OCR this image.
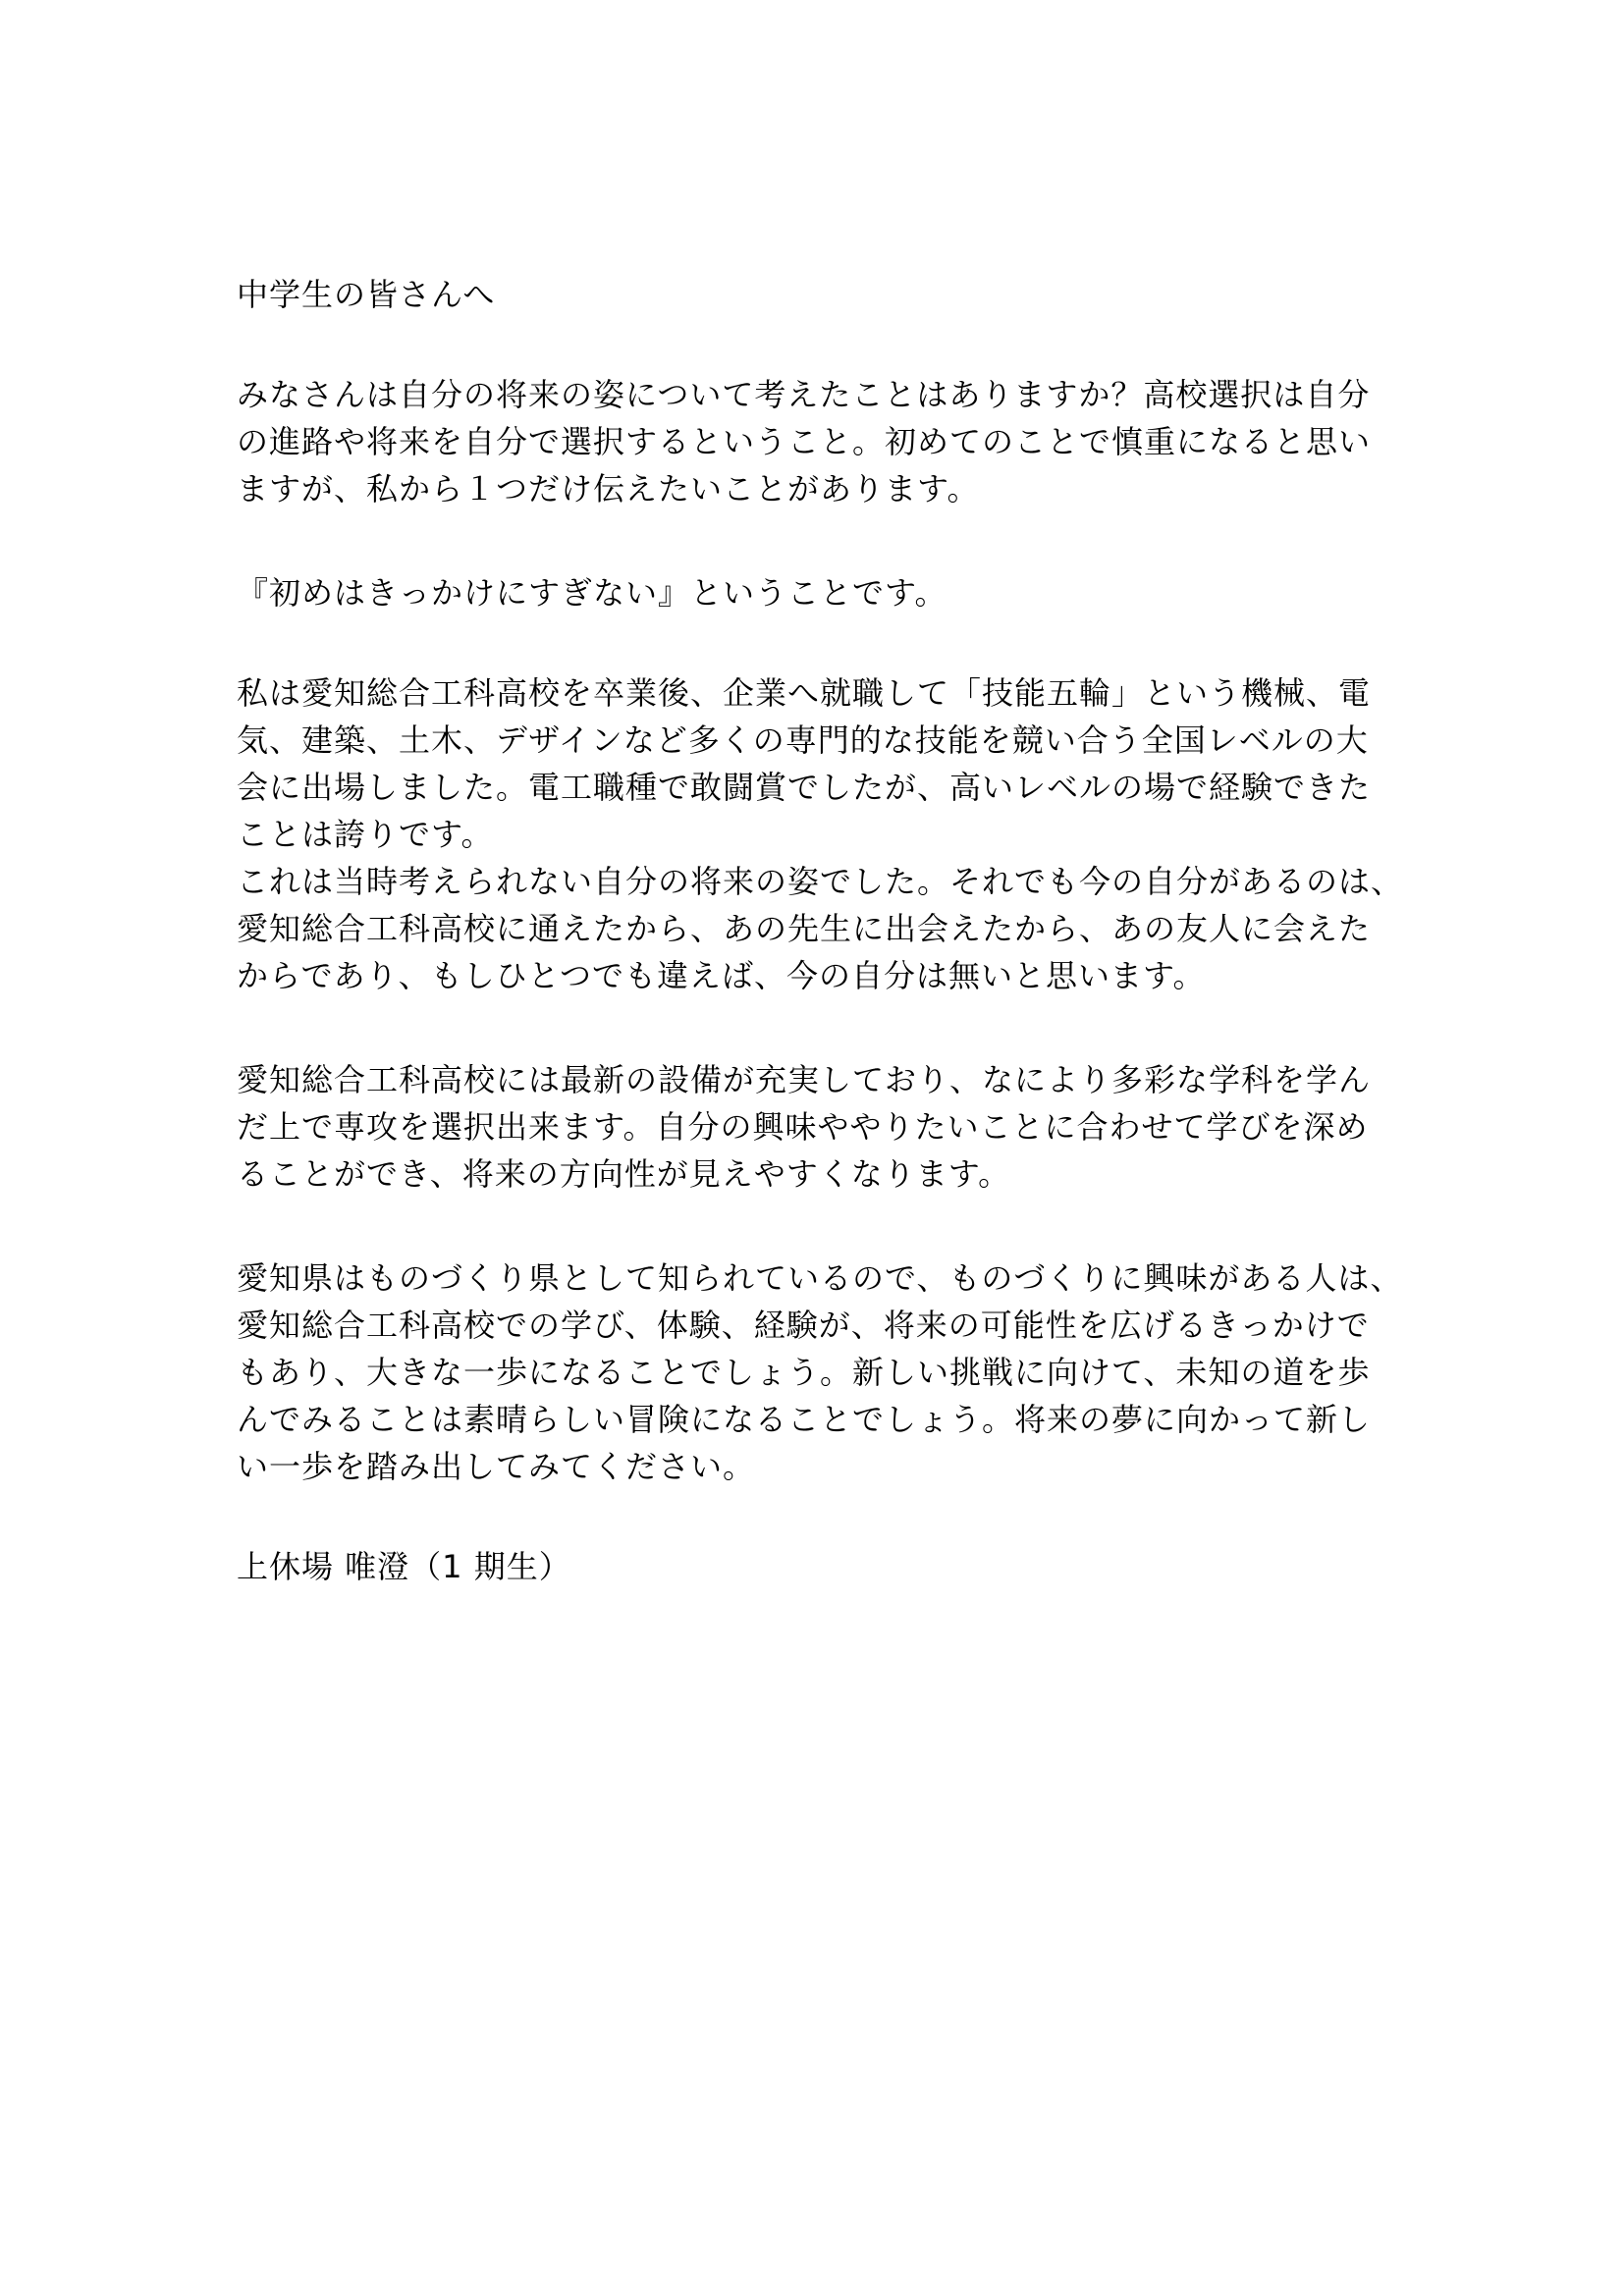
中学生の皆さんへ
みなさんは自分の将来の姿について考えたことはありますか？高校選択は自分
の進路や将来を自分で選択するということ。初めてのことで慎重になると思い
ますが、私から１つだけ伝えたいことがあります。
『初めはきっかけにすぎない』ということです。
私は愛知総合工科高校を卒業後、企業へ就職して「技能五輪」という機械、電
気、建築、土木、デザインなど多くの専門的な技能を競い合う全国レベルの大
会に出場しました。電工職種で敢闘賞でしたが、高いレベルの場で経験できた
ことは誇りです。
これは当時考えられない自分の将来の姿でした。それでも今の自分があるのは、
愛知総合工科高校に通えたから、あの先生に出会えたから、あの友人に会えた
からであり、もしひとつでも違えば、今の自分は無いと思います。
愛知総合工科高校には最新の設備が充実しており、なにより多彩な学科を学ん
だ上で専攻を選択出来ます。自分の興味ややりたいことに合わせて学びを深め
ることができ、将来の方向性が見えやすくなります。
愛知県はものづくり県として知られているので、ものづくりに興味がある人は、
愛知総合工科高校での学び、体験、経験が、将来の可能性を広げるきっかけで
もあり、大きな一歩になることでしょう。新しい挑戦に向けて、未知の道を歩
んでみることは素晴らしい冒険になることでしょう。将来の夢に向かって新し
い一歩を踏み出してみてください。
上休場 唯澄（1 期生）
